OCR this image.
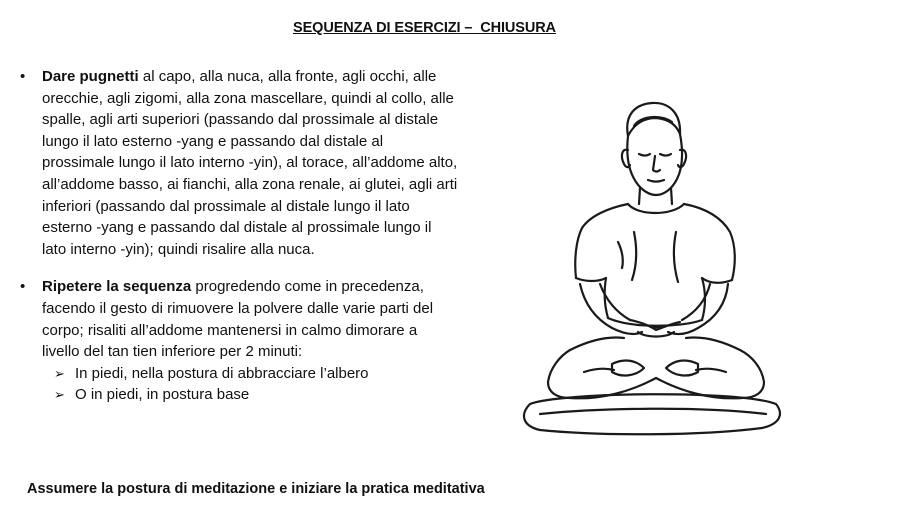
SEQUENZA DI ESERCIZI –  CHIUSURA

• Dare pugnetti al capo, alla nuca, alla fronte, agli occhi, alle orecchie, agli zigomi, alla zona mascellare, quindi al collo, alle spalle, agli arti superiori (passando dal prossimale al distale lungo il lato esterno -yang e passando dal distale al prossimale lungo il lato interno -yin), al torace, all’addome alto, all’addome basso, ai fianchi, alla zona renale, ai glutei, agli arti inferiori (passando dal prossimale al distale lungo il lato esterno -yang e passando dal distale al prossimale lungo il lato interno -yin); quindi risalire alla nuca.

• Ripetere la sequenza progredendo come in precedenza, facendo il gesto di rimuovere la polvere dalle varie parti del corpo; risaliti all’addome mantenersi in calmo dimorare a livello del tan tien inferiore per 2 minuti:

➢ In piedi, nella postura di abbracciare l’albero

➢ O in piedi, in postura base

Assumere la postura di meditazione e iniziare la pratica meditativa
